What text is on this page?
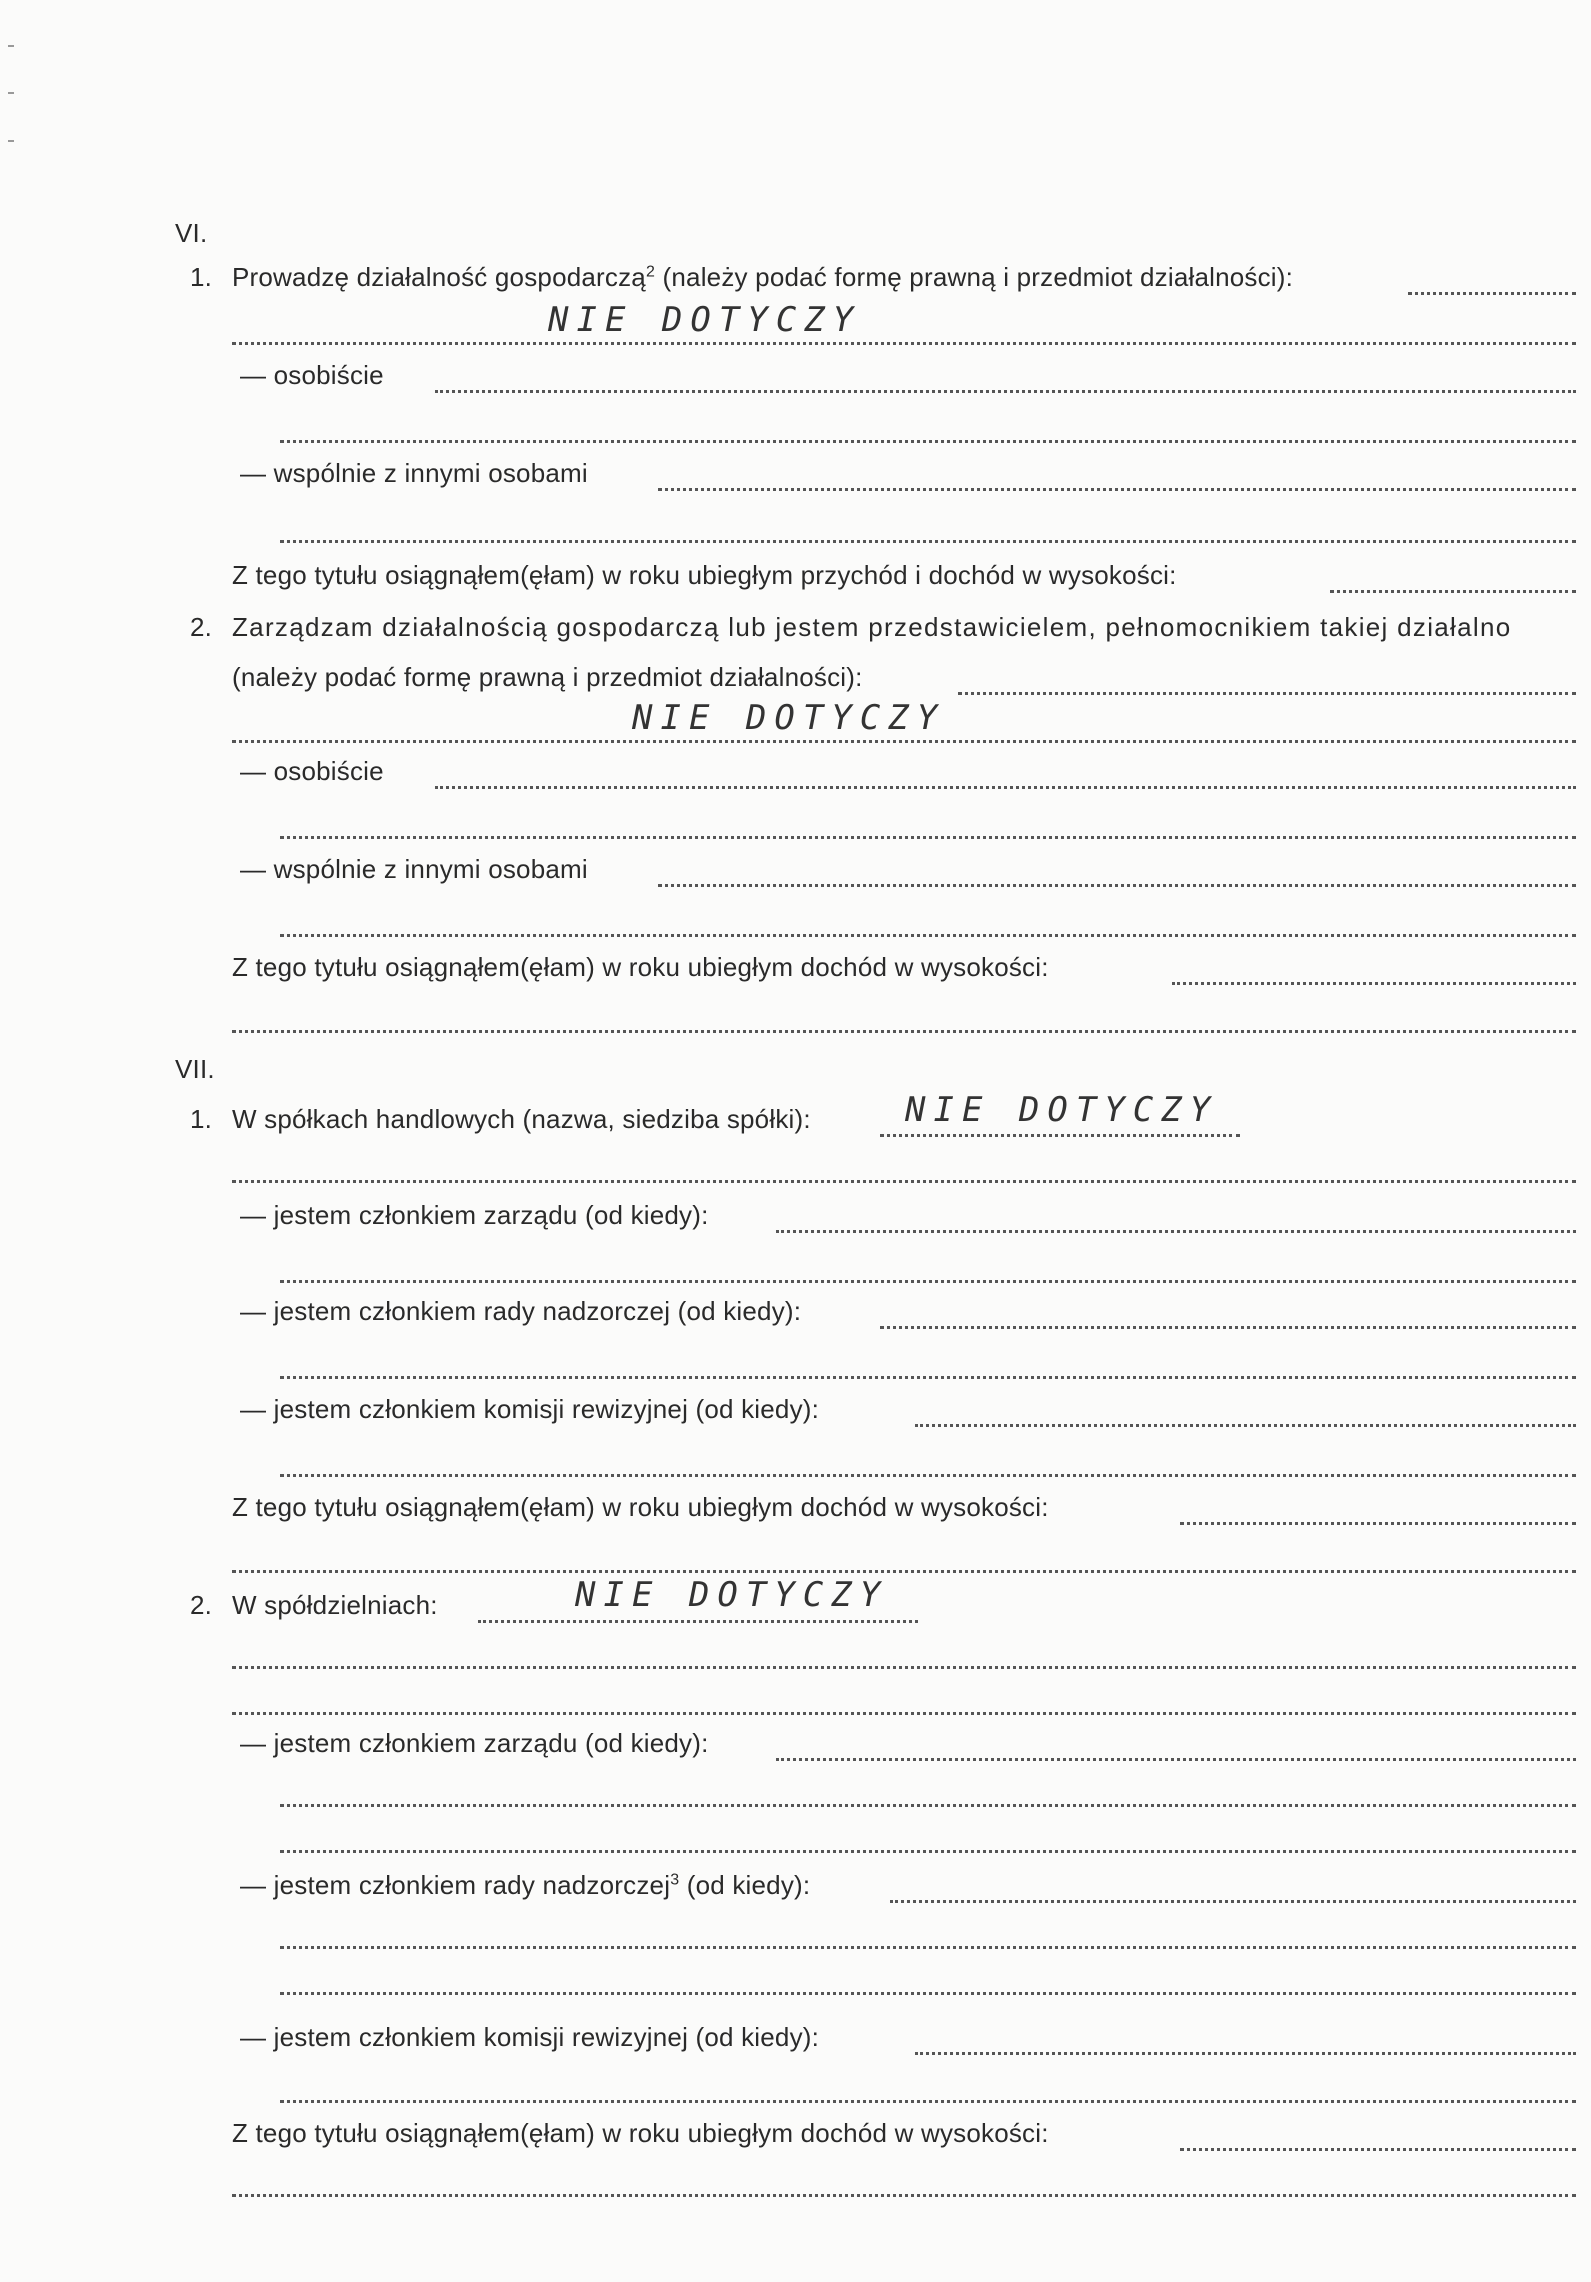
VI.
1. Prowadzę działalność gospodarczą$^2$ (należy podać formę prawną i przedmiot działalności):
NIE DOTYCZY
— osobiście
— wspólnie z innymi osobami
Z tego tytułu osiągnąłem(ęłam) w roku ubiegłym przychód i dochód w wysokości:
2. Zarządzam działalnością gospodarczą lub jestem przedstawicielem, pełnomocnikiem takiej działalno
(należy podać formę prawną i przedmiot działalności):
NIE DOTYCZY
— osobiście
— wspólnie z innymi osobami
Z tego tytułu osiągnąłem(ęłam) w roku ubiegłym dochód w wysokości:
VII.
1. W spółkach handlowych (nazwa, siedziba spółki):	NIE DOTYCZY
— jestem członkiem zarządu (od kiedy):
— jestem członkiem rady nadzorczej (od kiedy):
— jestem członkiem komisji rewizyjnej (od kiedy):
Z tego tytułu osiągnąłem(ęłam) w roku ubiegłym dochód w wysokości:
2. W spółdzielniach:	NIE DOTYCZY
— jestem członkiem zarządu (od kiedy):
— jestem członkiem rady nadzorczej$^3$ (od kiedy):
— jestem członkiem komisji rewizyjnej (od kiedy):
Z tego tytułu osiągnąłem(ęłam) w roku ubiegłym dochód w wysokości:
